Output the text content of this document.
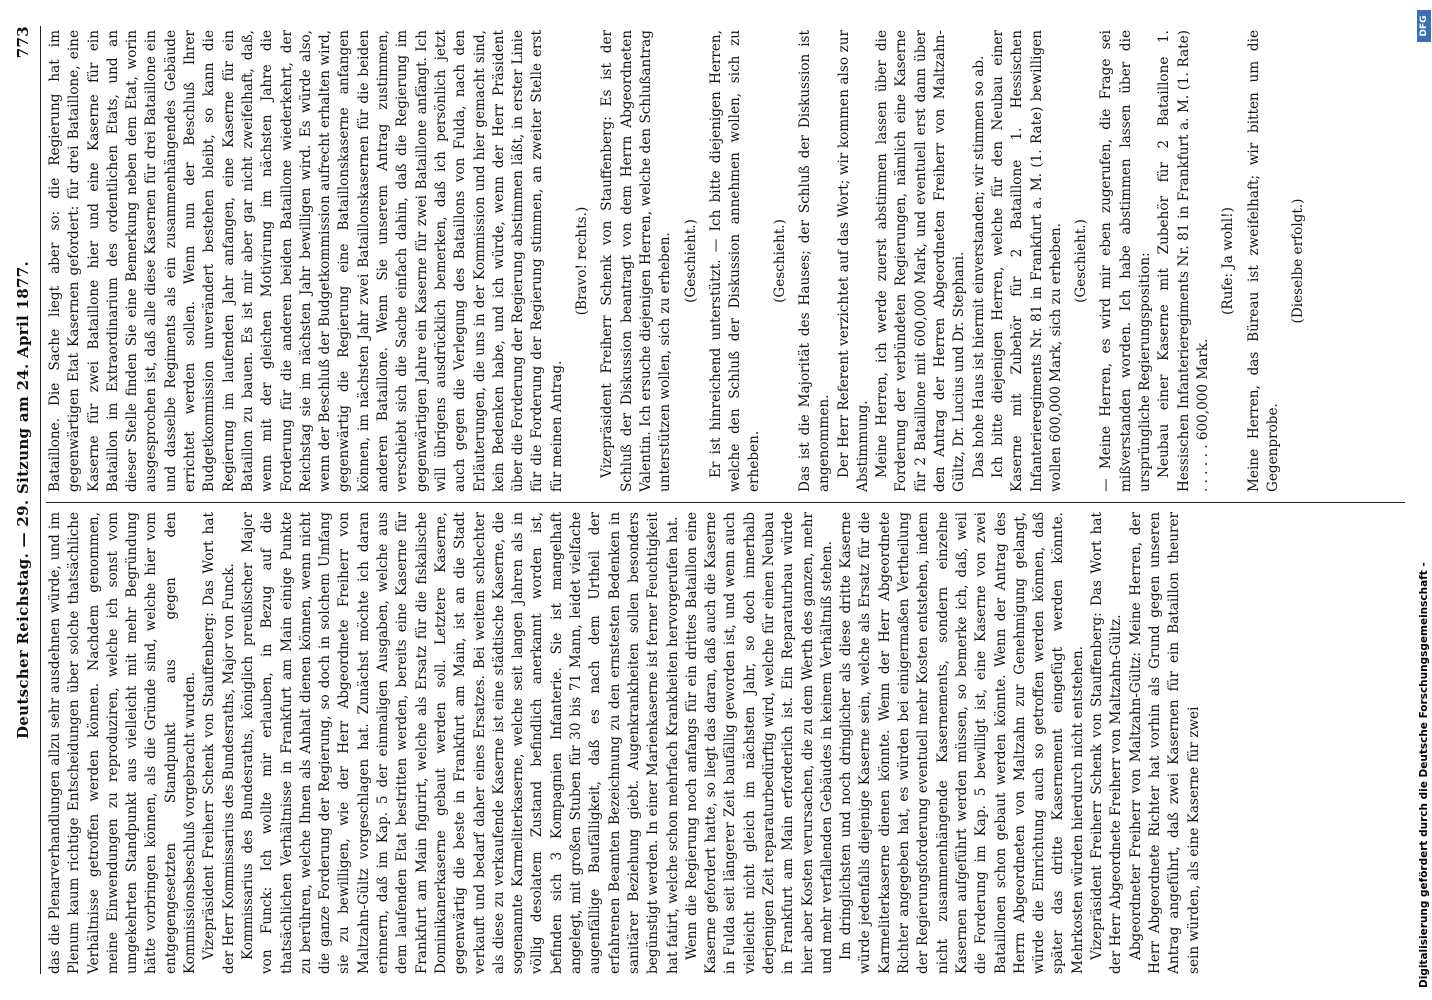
Deutscher Reichstag. — 29. Sitzung am 24. April 1877.
773

das die Plenarverhandlungen allzu sehr ausdehnen würde, und im Plenum kaum richtige Entscheidungen über solche thatsächliche Verhältnisse getroffen werden können. Nachdem genommen, meine Einwendungen zu reproduziren, welche ich sonst vom umgekehrten Standpunkt aus vielleicht mit mehr Begründung hätte vorbringen können, als die Gründe sind, welche hier vom entgegengesetzten Standpunkt aus gegen den Kommissionsbeschluß vorgebracht wurden. Vizepräsident Freiherr Schenk von Stauffenberg: Das Wort hat der Herr Kommissarius des Bundesraths, Major von Funck. Kommissarius des Bundesraths, königlich preußischer Major von Funck: Ich wollte mir erlauben, in Bezug auf die thatsächlichen Verhältnisse in Frankfurt am Main einige Punkte zu berühren, welche Ihnen als Anhalt dienen können, wenn nicht die ganze Forderung der Regierung, so doch in solchem Umfang sie zu bewilligen, wie der Herr Abgeordnete Freiherr von Maltzahn-Gültz vorgeschlagen hat. Zunächst möchte ich daran erinnern, daß im Kap. 5 der einmaligen Ausgaben, welche aus dem laufenden Etat bestritten werden, bereits eine Kaserne für Frankfurt am Main figurirt, welche als Ersatz für die fiskalische Dominikanerkaserne gebaut werden soll. Letztere Kaserne, gegenwärtig die beste in Frankfurt am Main, ist an die Stadt verkauft und bedarf daher eines Ersatzes. Bei weitem schlechter als diese zu verkaufende Kaserne ist eine städtische Kaserne, die sogenannte Karmeliterkaserne, welche seit langen Jahren als in völlig desolatem Zustand befindlich anerkannt worden ist, befinden sich 3 Kompagnien Infanterie. Sie ist mangelhaft angelegt, mit großen Stuben für 30 bis 71 Mann, leidet vielfache augenfällige Baufälligkeit, daß es nach dem Urtheil der erfahrenen Beamten Bezeichnung zu den ernstesten Bedenken in sanitärer Beziehung giebt. Augenkrankheiten sollen besonders begünstigt werden. In einer Marienkaserne ist ferner Feuchtigkeit hat fatirt, welche schon mehrfach Krankheiten hervorgerufen hat. Wenn die Regierung noch anfangs für ein drittes Bataillon eine Kaserne gefordert hatte, so liegt das daran, daß auch die Kaserne in Fulda seit längerer Zeit baufällig geworden ist, und wenn auch vielleicht nicht gleich im nächsten Jahr, so doch innerhalb derjenigen Zeit reparaturbedürftig wird, welche für einen Neubau in Frankfurt am Main erforderlich ist. Ein Reparaturbau würde hier aber Kosten verursachen, die zu dem Werth des ganzen, mehr und mehr verfallenden Gebäudes in keinem Verhältniß stehen. Im dringlichsten und noch dringlicher als diese dritte Kaserne würde jedenfalls diejenige Kaserne sein, welche als Ersatz für die Karmeliterkaserne dienen könnte. Wenn der Herr Abgeordnete Richter angegeben hat, es würden bei einigermaßen Vertheilung der Regierungsforderung eventuell mehr Kosten entstehen, indem nicht zusammenhängende Kasernements, sondern einzelne Kasernen aufgeführt werden müssen, so bemerke ich, daß, weil die Forderung im Kap. 5 bewilligt ist, eine Kaserne von zwei Bataillonen schon gebaut werden könnte. Wenn der Antrag des Herrn Abgeordneten von Maltzahn zur Genehmigung gelangt, würde die Einrichtung auch so getroffen werden können, daß später das dritte Kasernement eingefügt werden könnte. Mehrkosten würden hierdurch nicht entstehen. Vizepräsident Freiherr Schenk von Stauffenberg: Das Wort hat der Herr Abgeordnete Freiherr von Maltzahn-Gültz. Abgeordneter Freiherr von Maltzahn-Gültz: Meine Herren, der Herr Abgeordnete Richter hat vorhin als Grund gegen unseren Antrag angeführt, daß zwei Kasernen für ein Bataillon theurer sein würden, als eine Kaserne für zwei

Bataillone. Die Sache liegt aber so: die Regierung hat im gegenwärtigen Etat Kasernen gefordert: für drei Bataillone, eine Kaserne für zwei Bataillone hier und eine Kaserne für ein Bataillon im Extraordinarium des ordentlichen Etats, und an dieser Stelle finden Sie eine Bemerkung neben dem Etat, worin ausgesprochen ist, daß alle diese Kasernen für drei Bataillone ein und dasselbe Regiments als ein zusammenhängendes Gebäude errichtet werden sollen. Wenn nun der Beschluß Ihrer Budgetkommission unverändert bestehen bleibt, so kann die Regierung im laufenden Jahr anfangen, eine Kaserne für ein Bataillon zu bauen. Es ist mir aber gar nicht zweifelhaft, daß, wenn mit der gleichen Motivirung im nächsten Jahre die Forderung für die anderen beiden Bataillone wiederkehrt, der Reichstag sie im nächsten Jahr bewilligen wird. Es würde also, wenn der Beschluß der Budgetkommission aufrecht erhalten wird, gegenwärtig die Regierung eine Bataillonskaserne anfangen können, im nächsten Jahr zwei Bataillonskasernen für die beiden anderen Bataillone. Wenn Sie unserem Antrag zustimmen, verschiebt sich die Sache einfach dahin, daß die Regierung im gegenwärtigen Jahre ein Kaserne für zwei Bataillone anfängt. Ich will übrigens ausdrücklich bemerken, daß ich persönlich jetzt auch gegen die Verlegung des Bataillons von Fulda, nach den Erläuterungen, die uns in der Kommission und hier gemacht sind, kein Bedenken habe, und ich würde, wenn der Herr Präsident über die Forderung der Regierung abstimmen läßt, in erster Linie für die Forderung der Regierung stimmen, an zweiter Stelle erst für meinen Antrag.

(Bravo! rechts.) Vizepräsident Freiherr Schenk von Stauffenberg: Es ist der Schluß der Diskussion beantragt von dem Herrn Abgeordneten Valentin. Ich ersuche diejenigen Herren, welche den Schlußantrag unterstützen wollen, sich zu erheben. (Geschieht.) Er ist hinreichend unterstützt. — Ich bitte diejenigen Herren, welche den Schluß der Diskussion annehmen wollen, sich zu erheben.

(Geschieht.) Das ist die Majorität des Hauses; der Schluß der Diskussion ist angenommen. Der Herr Referent verzichtet auf das Wort; wir kommen also zur Abstimmung. Meine Herren, ich werde zuerst abstimmen lassen über die Forderung der verbündeten Regierungen, nämlich eine Kaserne für 2 Bataillone mit 600,000 Mark, und eventuell erst dann über den Antrag der Herren Abgeordneten Freiherr von Maltzahn-Gültz, Dr. Lucius und Dr. Stephani. Das hohe Haus ist hiermit einverstanden; wir stimmen so ab. Ich bitte diejenigen Herren, welche für den Neubau einer Kaserne mit Zubehör für 2 Bataillone 1. Hessischen Infanterieregiments Nr. 81 in Frankfurt a. M. (1. Rate) bewilligen wollen 600,000 Mark, sich zu erheben. (Geschieht.) — Meine Herren, es wird mir eben zugerufen, die Frage sei mißverstanden worden. Ich habe abstimmen lassen über die ursprüngliche Regierungsposition: Neubau einer Kaserne mit Zubehör für 2 Bataillone 1. Hessischen Infanterieregiments Nr. 81 in Frankfurt a. M. (1. Rate) . . . . . . 600,000 Mark.

(Rufe: Ja wohl!) Meine Herren, das Büreau ist zweifelhaft; wir bitten um die Gegenprobe.

(Dieselbe erfolgt.)

Digitalisierung gefördert durch die Deutsche Forschungsgemeinschaft -
DFG
